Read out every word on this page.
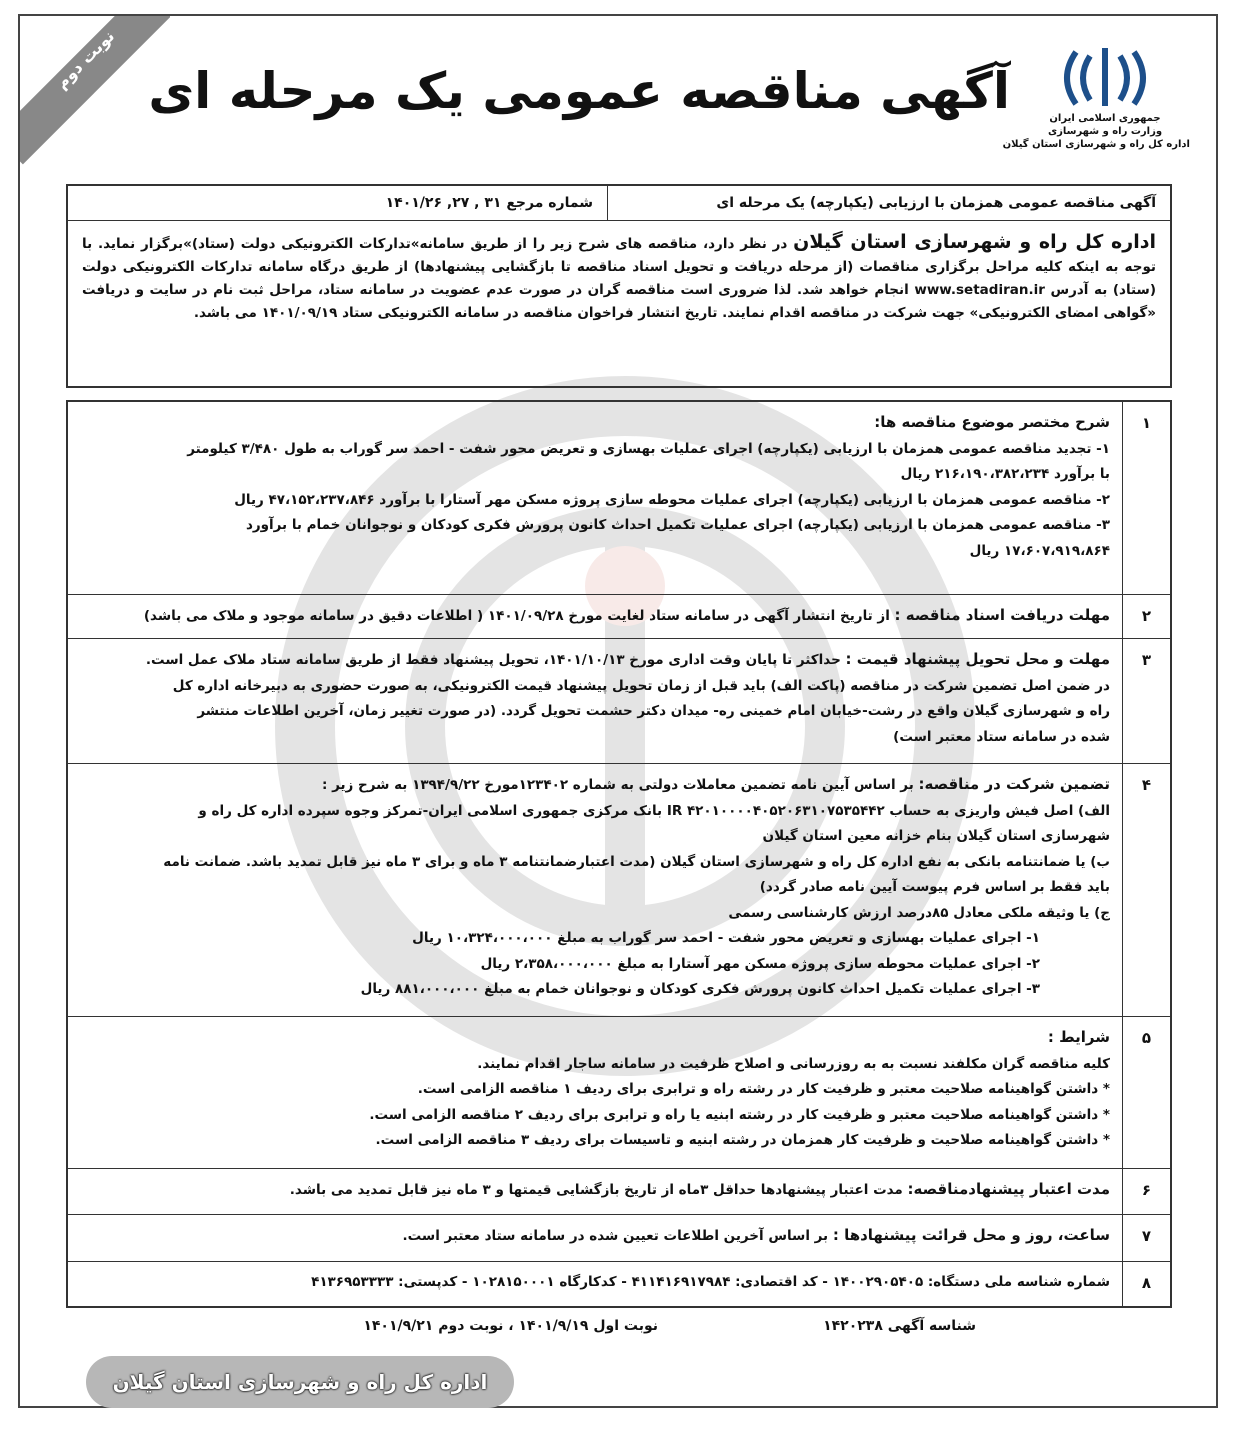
نوبت دوم آگهی مناقصه عمومی یک مرحله ای	جمهوری اسلامی ایران
وزارت راه و شهرسازی
اداره کل راه و شهرسازی استان گیلان
آگهی مناقصه عمومی همزمان با ارزیابی (یکپارچه) یک مرحله ای
شماره مرجع ۳۱ , ۲۷, ۱۴۰۱/۲۶
اداره کل راه و شهرسازی استان گیلان در نظر دارد، مناقصه های شرح زیر را از طریق سامانه»تدارکات الکترونیکی دولت (ستاد)»برگزار نماید. با توجه به اینکه کلیه مراحل برگزاری مناقصات (از مرحله دریافت و تحویل اسناد مناقصه تا بازگشایی پیشنهادها) از طریق درگاه سامانه تدارکات الکترونیکی دولت (ستاد) به آدرس www.setadiran.ir انجام خواهد شد. لذا ضروری است مناقصه گران در صورت عدم عضویت در سامانه ستاد، مراحل ثبت نام در سایت و دریافت «گواهی امضای الکترونیکی» جهت شرکت در مناقصه اقدام نمایند. تاریخ انتشار فراخوان مناقصه در سامانه الکترونیکی ستاد ۱۴۰۱/۰۹/۱۹ می باشد.
۱

شرح مختصر موضوع مناقصه ها:

۱- تجدید مناقصه عمومی همزمان با ارزیابی (یکپارچه) اجرای عملیات بهسازی و تعریض محور شفت - احمد سر گوراب به طول ۳/۴۸۰ کیلومتر

با برآورد ۲۱۶،۱۹۰،۳۸۲،۲۳۴ ریال

۲- مناقصه عمومی همزمان با ارزیابی (یکپارچه) اجرای عملیات محوطه سازی پروژه مسکن مهر آستارا با برآورد ۴۷،۱۵۲،۲۳۷،۸۴۶ ریال

۳- مناقصه عمومی همزمان با ارزیابی (یکپارچه) اجرای عملیات تکمیل احداث کانون پرورش فکری کودکان و نوجوانان خمام با برآورد

۱۷،۶۰۷،۹۱۹،۸۶۴ ریال

۲

مهلت دریافت اسناد مناقصه : از تاریخ انتشار آگهی در سامانه ستاد لغایت مورخ ۱۴۰۱/۰۹/۲۸ ( اطلاعات دقیق در سامانه موجود و ملاک می باشد)

۳

مهلت و محل تحویل پیشنهاد قیمت : حداکثر تا پایان وقت اداری مورخ ۱۴۰۱/۱۰/۱۳، تحویل پیشنهاد فقط از طریق سامانه ستاد ملاک عمل است.

در ضمن اصل تضمین شرکت در مناقصه (پاکت الف) باید قبل از زمان تحویل پیشنهاد قیمت الکترونیکی، به صورت حضوری به دبیرخانه اداره کل

راه و شهرسازی گیلان واقع در رشت-خیابان امام خمینی ره- میدان دکتر حشمت تحویل گردد. (در صورت تغییر زمان، آخرین اطلاعات منتشر

شده در سامانه ستاد معتبر است)

۴

تضمین شرکت در مناقصه: بر اساس آیین نامه تضمین معاملات دولتی به شماره ۱۲۳۴۰۲مورخ ۱۳۹۴/۹/۲۲ به شرح زیر :

الف) اصل فیش واریزی به حساب IR ۴۲۰۱۰۰۰۰۴۰۵۲۰۶۳۱۰۷۵۳۵۴۴۲ بانک مرکزی جمهوری اسلامی ایران-تمرکز وجوه سپرده اداره کل راه و

شهرسازی استان گیلان بنام خزانه معین استان گیلان

ب) یا ضمانتنامه بانکی به نفع اداره کل راه و شهرسازی استان گیلان (مدت اعتبارضمانتنامه ۳ ماه و برای ۳ ماه نیز قابل تمدید باشد. ضمانت نامه

باید فقط بر اساس فرم پیوست آیین نامه صادر گردد)

ج) یا وثیقه ملکی معادل ۸۵درصد ارزش کارشناسی رسمی

۱- اجرای عملیات بهسازی و تعریض محور شفت - احمد سر گوراب به مبلغ ۱۰،۳۲۴،۰۰۰،۰۰۰ ریال

۲- اجرای عملیات محوطه سازی پروژه مسکن مهر آستارا به مبلغ ۲،۳۵۸،۰۰۰،۰۰۰ ریال

۳- اجرای عملیات تکمیل احداث کانون پرورش فکری کودکان و نوجوانان خمام به مبلغ ۸۸۱،۰۰۰،۰۰۰ ریال

۵

شرایط :

کلیه مناقصه گران مکلفند نسبت به به روزرسانی و اصلاح ظرفیت در سامانه ساجار اقدام نمایند.

* داشتن گواهینامه صلاحیت معتبر و ظرفیت کار در رشته راه و ترابری برای ردیف ۱ مناقصه الزامی است.

* داشتن گواهینامه صلاحیت معتبر و ظرفیت کار در رشته ابنیه یا راه و ترابری برای ردیف ۲ مناقصه الزامی است.

* داشتن گواهینامه صلاحیت و ظرفیت کار همزمان در رشته ابنیه و تاسیسات برای ردیف ۳ مناقصه الزامی است.

۶

مدت اعتبار پیشنهادمناقصه: مدت اعتبار پیشنهادها حداقل ۳ماه از تاریخ بازگشایی قیمتها و ۳ ماه نیز قابل تمدید می باشد.

۷

ساعت، روز و محل قرائت پیشنهادها : بر اساس آخرین اطلاعات تعیین شده در سامانه ستاد معتبر است.

۸

شماره شناسه ملی دستگاه: ۱۴۰۰۲۹۰۵۴۰۵ - کد اقتصادی: ۴۱۱۴۱۶۹۱۷۹۸۴ - کدکارگاه ۱۰۲۸۱۵۰۰۰۱ - کدپستی: ۴۱۳۶۹۵۳۳۳۳

شناسه آگهی ۱۴۲۰۲۳۸
نوبت اول ۱۴۰۱/۹/۱۹ ، نوبت دوم ۱۴۰۱/۹/۲۱
اداره کل راه و شهرسازی استان گیلان
